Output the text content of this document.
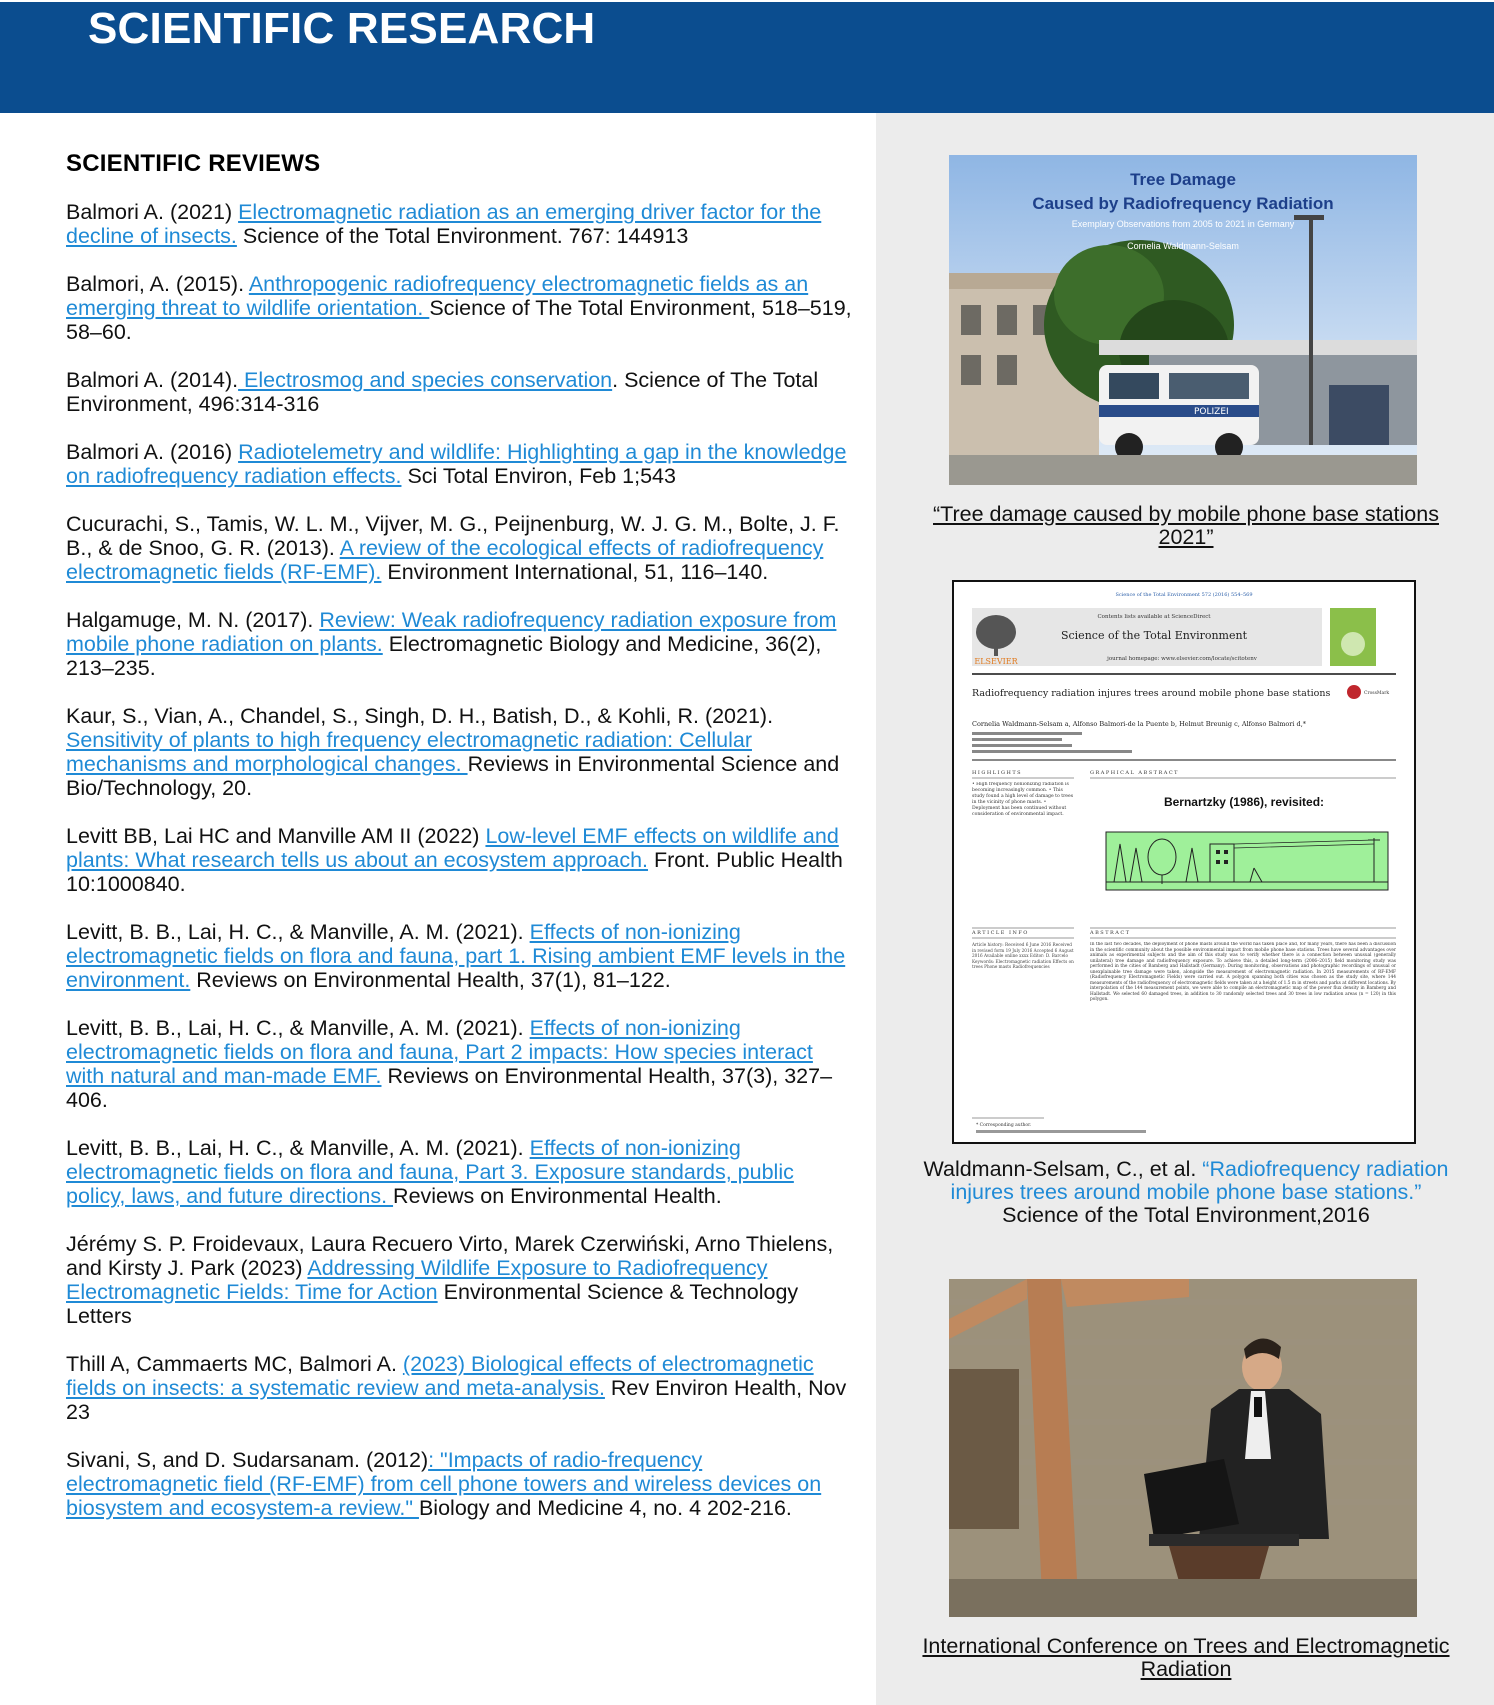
SCIENTIFIC RESEARCH
SCIENTIFIC REVIEWS

Balmori A. (2021) Electromagnetic radiation as an emerging driver factor for the decline of insects. Science of the Total Environment. 767: 144913

Balmori, A. (2015). Anthropogenic radiofrequency electromagnetic fields as an emerging threat to wildlife orientation. Science of The Total Environment, 518–519, 58–60.

Balmori A. (2014). Electrosmog and species conservation. Science of The Total Environment, 496:314-316

Balmori A. (2016) Radiotelemetry and wildlife: Highlighting a gap in the knowledge on radiofrequency radiation effects. Sci Total Environ, Feb 1;543

Cucurachi, S., Tamis, W. L. M., Vijver, M. G., Peijnenburg, W. J. G. M., Bolte, J. F. B., & de Snoo, G. R. (2013). A review of the ecological effects of radiofrequency electromagnetic fields (RF-EMF). Environment International, 51, 116–140.

Halgamuge, M. N. (2017). Review: Weak radiofrequency radiation exposure from mobile phone radiation on plants. Electromagnetic Biology and Medicine, 36(2), 213–235.

Kaur, S., Vian, A., Chandel, S., Singh, D. H., Batish, D., & Kohli, R. (2021). Sensitivity of plants to high frequency electromagnetic radiation: Cellular mechanisms and morphological changes. Reviews in Environmental Science and Bio/Technology, 20.

Levitt BB, Lai HC and Manville AM II (2022) Low-level EMF effects on wildlife and plants: What research tells us about an ecosystem approach. Front. Public Health 10:1000840.

Levitt, B. B., Lai, H. C., & Manville, A. M. (2021). Effects of non-ionizing electromagnetic fields on flora and fauna, part 1. Rising ambient EMF levels in the environment. Reviews on Environmental Health, 37(1), 81–122.

Levitt, B. B., Lai, H. C., & Manville, A. M. (2021). Effects of non-ionizing electromagnetic fields on flora and fauna, Part 2 impacts: How species interact with natural and man-made EMF. Reviews on Environmental Health, 37(3), 327–406.

Levitt, B. B., Lai, H. C., & Manville, A. M. (2021). Effects of non-ionizing electromagnetic fields on flora and fauna, Part 3. Exposure standards, public policy, laws, and future directions. Reviews on Environmental Health.

Jérémy S. P. Froidevaux, Laura Recuero Virto, Marek Czerwiński, Arno Thielens, and Kirsty J. Park (2023) Addressing Wildlife Exposure to Radiofrequency Electromagnetic Fields: Time for Action Environmental Science & Technology Letters

Thill A, Cammaerts MC, Balmori A. (2023) Biological effects of electromagnetic fields on insects: a systematic review and meta-analysis. Rev Environ Health, Nov 23

Sivani, S, and D. Sudarsanam. (2012): "Impacts of radio-frequency electromagnetic field (RF-EMF) from cell phone towers and wireless devices on biosystem and ecosystem-a review." Biology and Medicine 4, no. 4 202-216.

POLIZEI
Tree Damage
Caused by Radiofrequency Radiation
Exemplary Observations from 2005 to 2021 in Germany
Cornelia Waldmann-Selsam
“Tree damage caused by mobile phone base stations 2021”
Science of the Total Environment 572 (2016) 554–569
Contents lists available at ScienceDirect
Science of the Total Environment
journal homepage: www.elsevier.com/locate/scitotenv
ELSEVIER
Radiofrequency radiation injures trees around mobile phone base stations	CrossMark
Cornelia Waldmann-Selsam a, Alfonso Balmori-de la Puente b, Helmut Breunig c, Alfonso Balmori d,*
HIGHLIGHTS
• High frequency nonionizing radiation is becoming increasingly common. • This study found a high level of damage to trees in the vicinity of phone masts. • Deployment has been continued without consideration of environmental impact.
GRAPHICAL ABSTRACT
Bernartzky (1986), revisited:
ARTICLE INFO
Article history: Received 6 June 2016 Received in revised form 19 July 2016 Accepted 6 August 2016 Available online xxxx Editor: D. Barcelo Keywords: Electromagnetic radiation Effects on trees Phone masts Radiofrequencies
ABSTRACT
In the last two decades, the deployment of phone masts around the world has taken place and, for many years, there has been a discussion in the scientific community about the possible environmental impact from mobile phone base stations. Trees have several advantages over animals as experimental subjects and the aim of this study was to verify whether there is a connection between unusual (generally unilateral) tree damage and radiofrequency exposure. To achieve this, a detailed long-term (2006–2015) field monitoring study was performed in the cities of Bamberg and Hallstadt (Germany). During monitoring, observations and photographic recordings of unusual or unexplainable tree damage were taken, alongside the measurement of electromagnetic radiation. In 2015 measurements of RF-EMF (Radiofrequency Electromagnetic Fields) were carried out. A polygon spanning both cities was chosen as the study site, where 144 measurements of the radiofrequency of electromagnetic fields were taken at a height of 1.5 m in streets and parks at different locations. By interpolation of the 144 measurement points, we were able to compile an electromagnetic map of the power flux density in Bamberg and Hallstadt. We selected 60 damaged trees, in addition to 30 randomly selected trees and 30 trees in low radiation areas (n = 120) in this polygon.
* Corresponding author.
Waldmann-Selsam, C., et al. “Radiofrequency radiation injures trees around mobile phone base stations.” Science of the Total Environment,2016
International Conference on Trees and Electromagnetic Radiation
